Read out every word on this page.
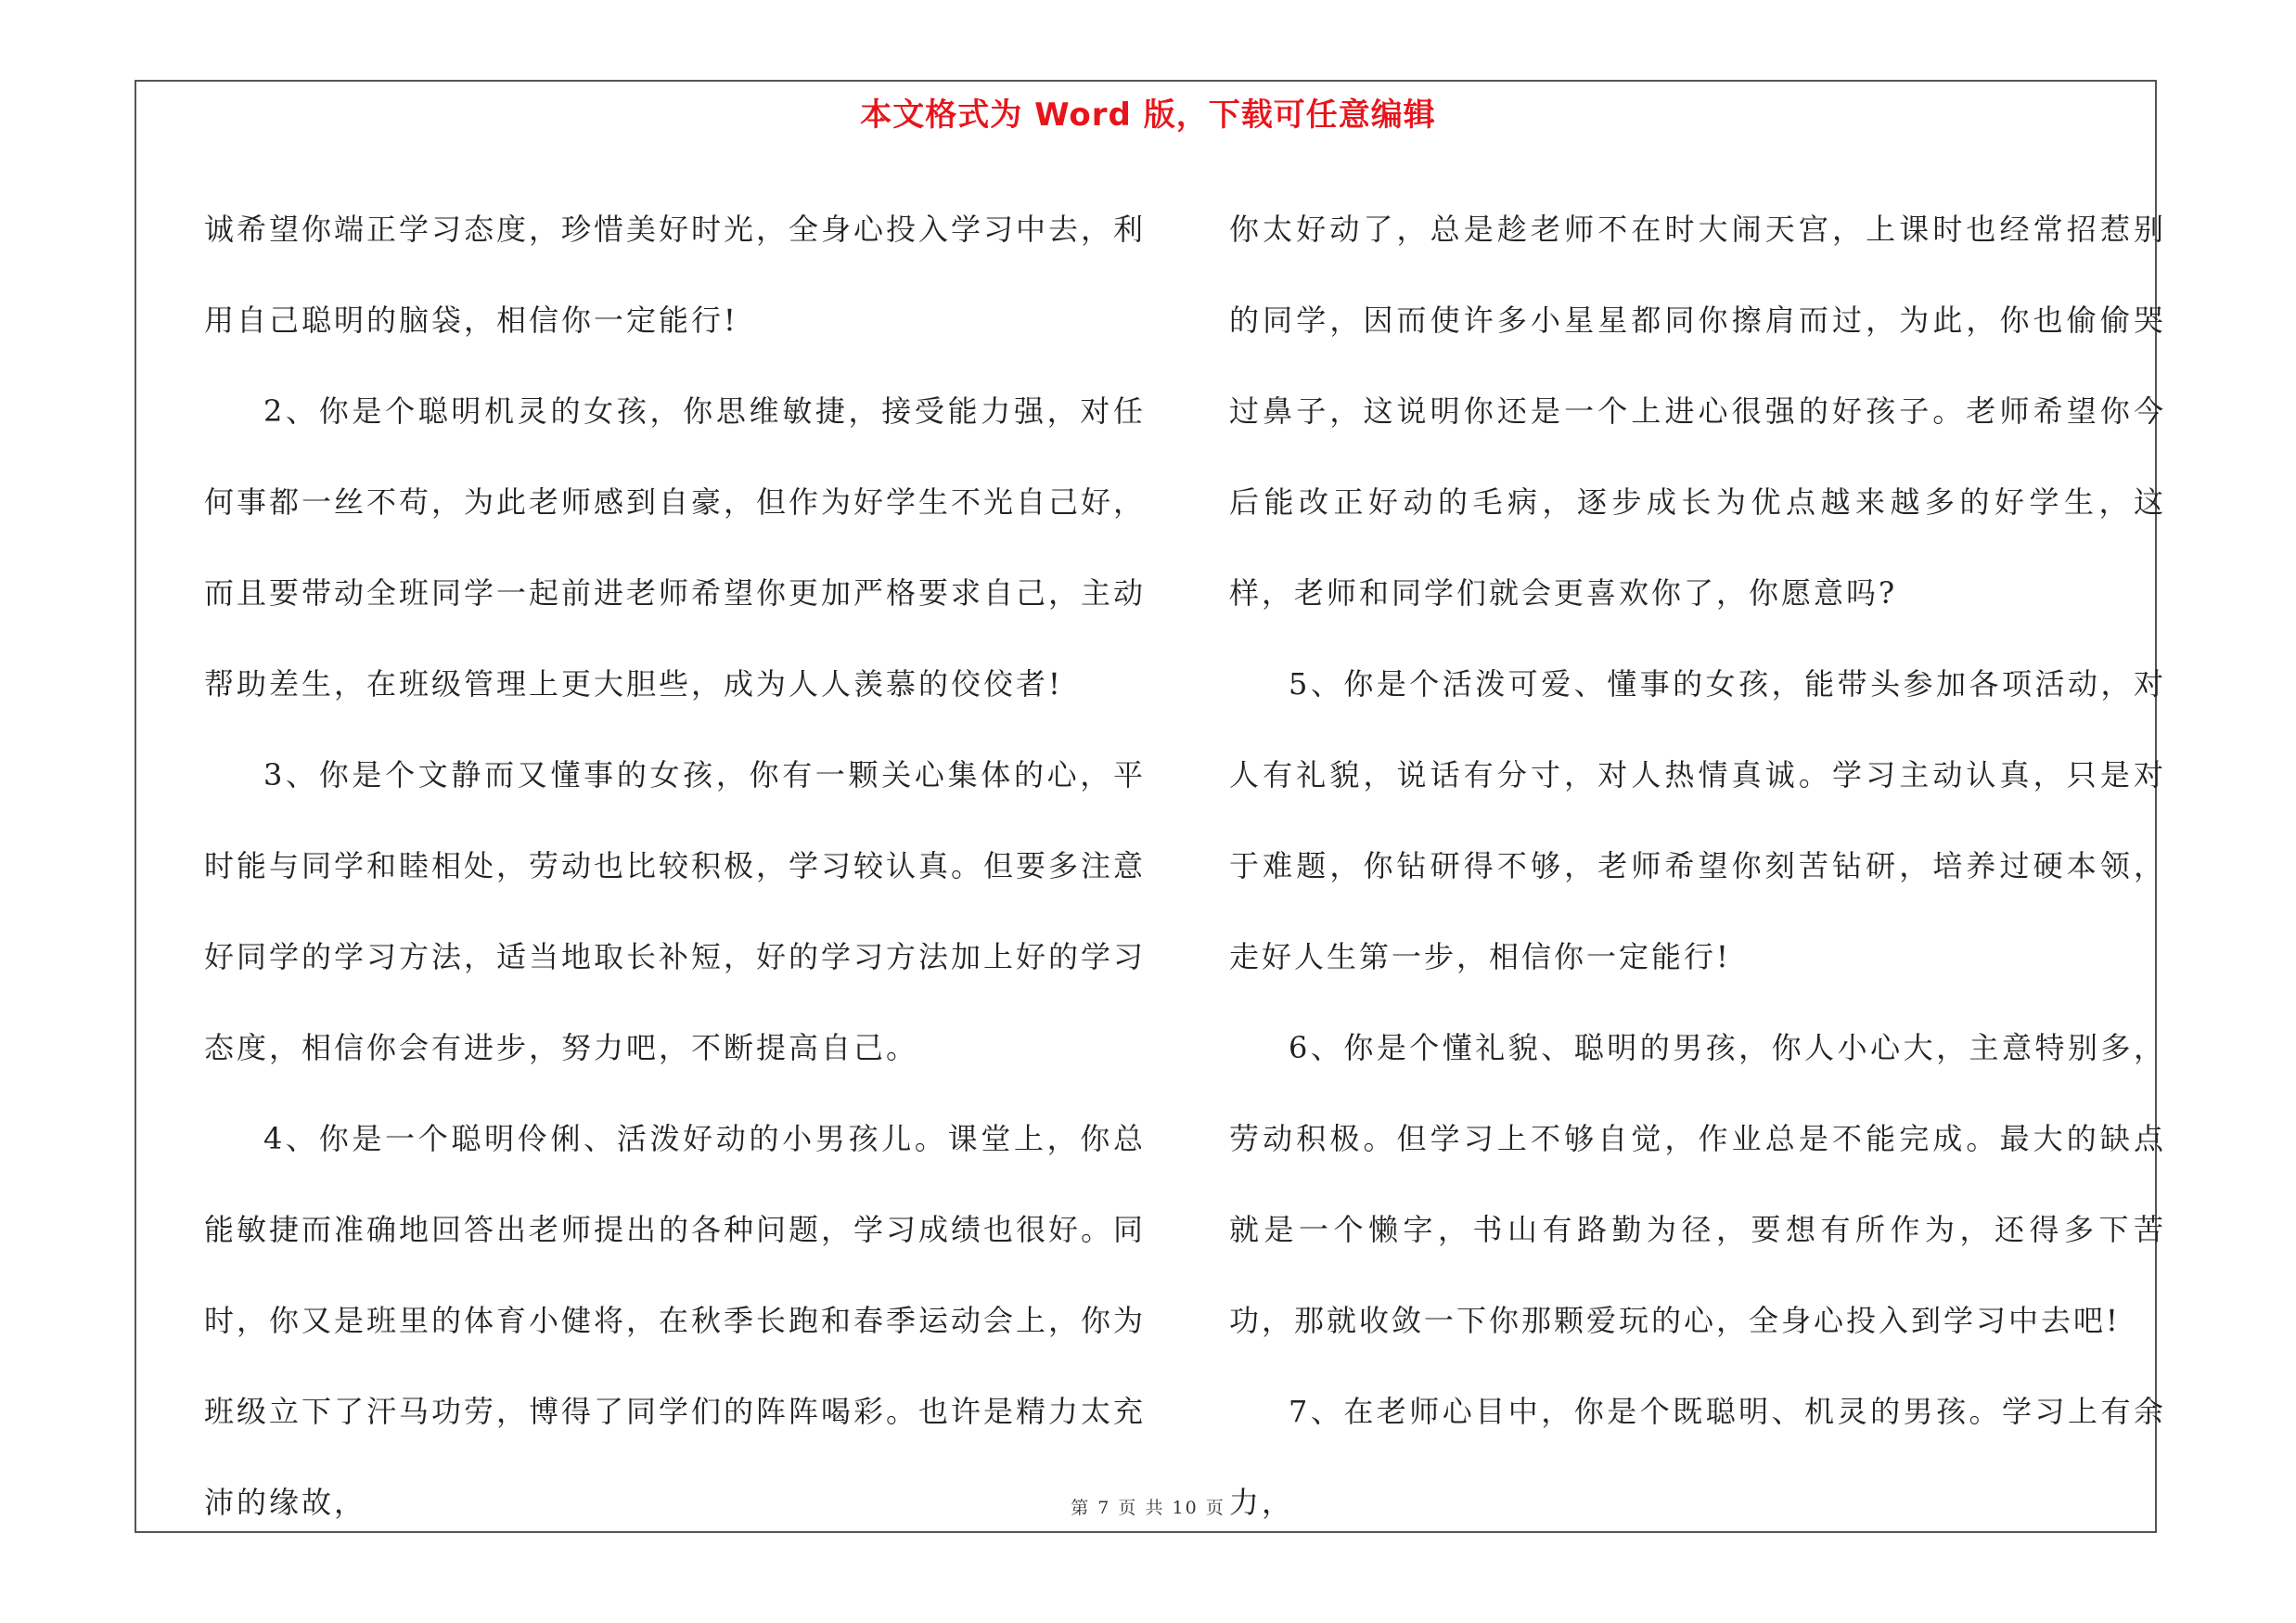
本文格式为 Word 版，下载可任意编辑

诚希望你端正学习态度，珍惜美好时光，全身心投入学习中去，利用自己聪明的脑袋，相信你一定能行!

2、你是个聪明机灵的女孩，你思维敏捷，接受能力强，对任何事都一丝不苟，为此老师感到自豪，但作为好学生不光自己好，而且要带动全班同学一起前进老师希望你更加严格要求自己，主动帮助差生，在班级管理上更大胆些，成为人人羡慕的佼佼者!

3、你是个文静而又懂事的女孩，你有一颗关心集体的心，平时能与同学和睦相处，劳动也比较积极，学习较认真。但要多注意好同学的学习方法，适当地取长补短，好的学习方法加上好的学习态度，相信你会有进步，努力吧，不断提高自己。

4、你是一个聪明伶俐、活泼好动的小男孩儿。课堂上，你总能敏捷而准确地回答出老师提出的各种问题，学习成绩也很好。同时，你又是班里的体育小健将，在秋季长跑和春季运动会上，你为班级立下了汗马功劳，博得了同学们的阵阵喝彩。也许是精力太充沛的缘故，

你太好动了，总是趁老师不在时大闹天宫，上课时也经常招惹别的同学，因而使许多小星星都同你擦肩而过，为此，你也偷偷哭过鼻子，这说明你还是一个上进心很强的好孩子。老师希望你今后能改正好动的毛病，逐步成长为优点越来越多的好学生，这样，老师和同学们就会更喜欢你了，你愿意吗?

5、你是个活泼可爱、懂事的女孩，能带头参加各项活动，对人有礼貌，说话有分寸，对人热情真诚。学习主动认真，只是对于难题，你钻研得不够，老师希望你刻苦钻研，培养过硬本领，走好人生第一步，相信你一定能行!

6、你是个懂礼貌、聪明的男孩，你人小心大，主意特别多，劳动积极。但学习上不够自觉，作业总是不能完成。最大的缺点就是一个懒字，书山有路勤为径，要想有所作为，还得多下苦功，那就收敛一下你那颗爱玩的心，全身心投入到学习中去吧!

7、在老师心目中，你是个既聪明、机灵的男孩。学习上有余力，

第 7 页 共 10 页
